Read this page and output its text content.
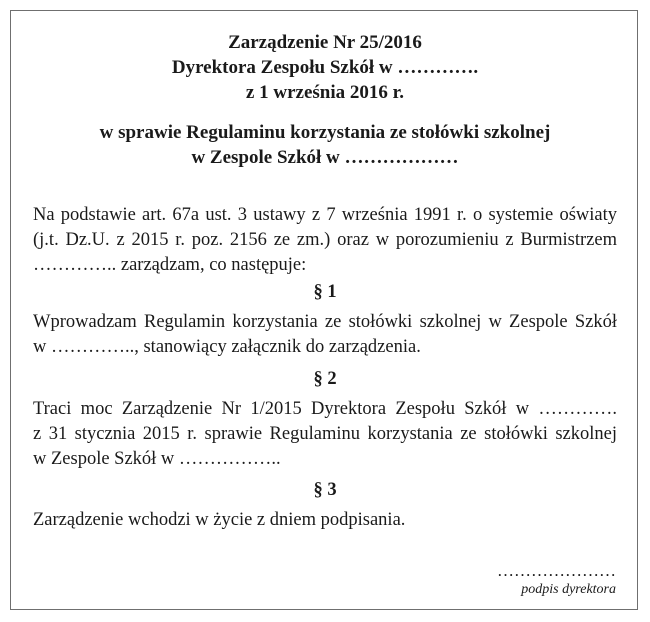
Zarządzenie Nr 25/2016
Dyrektora Zespołu Szkół w ………….
z 1 września 2016 r.
w sprawie Regulaminu korzystania ze stołówki szkolnej
w Zespole Szkół w ………………
Na podstawie art. 67a ust. 3 ustawy z 7 września 1991 r. o systemie oświaty
(j.t. Dz.U. z 2015 r. poz. 2156 ze zm.) oraz w porozumieniu z Burmistrzem
………….. zarządzam, co następuje:
§ 1
Wprowadzam Regulamin korzystania ze stołówki szkolnej w Zespole Szkół
w ………….., stanowiący załącznik do zarządzenia.
§ 2
Traci moc Zarządzenie Nr 1/2015 Dyrektora Zespołu Szkół w ………….
z 31 stycznia 2015 r. sprawie Regulaminu korzystania ze stołówki szkolnej
w Zespole Szkół w ……………..
§ 3
Zarządzenie wchodzi w życie z dniem podpisania.
…………………
podpis dyrektora
